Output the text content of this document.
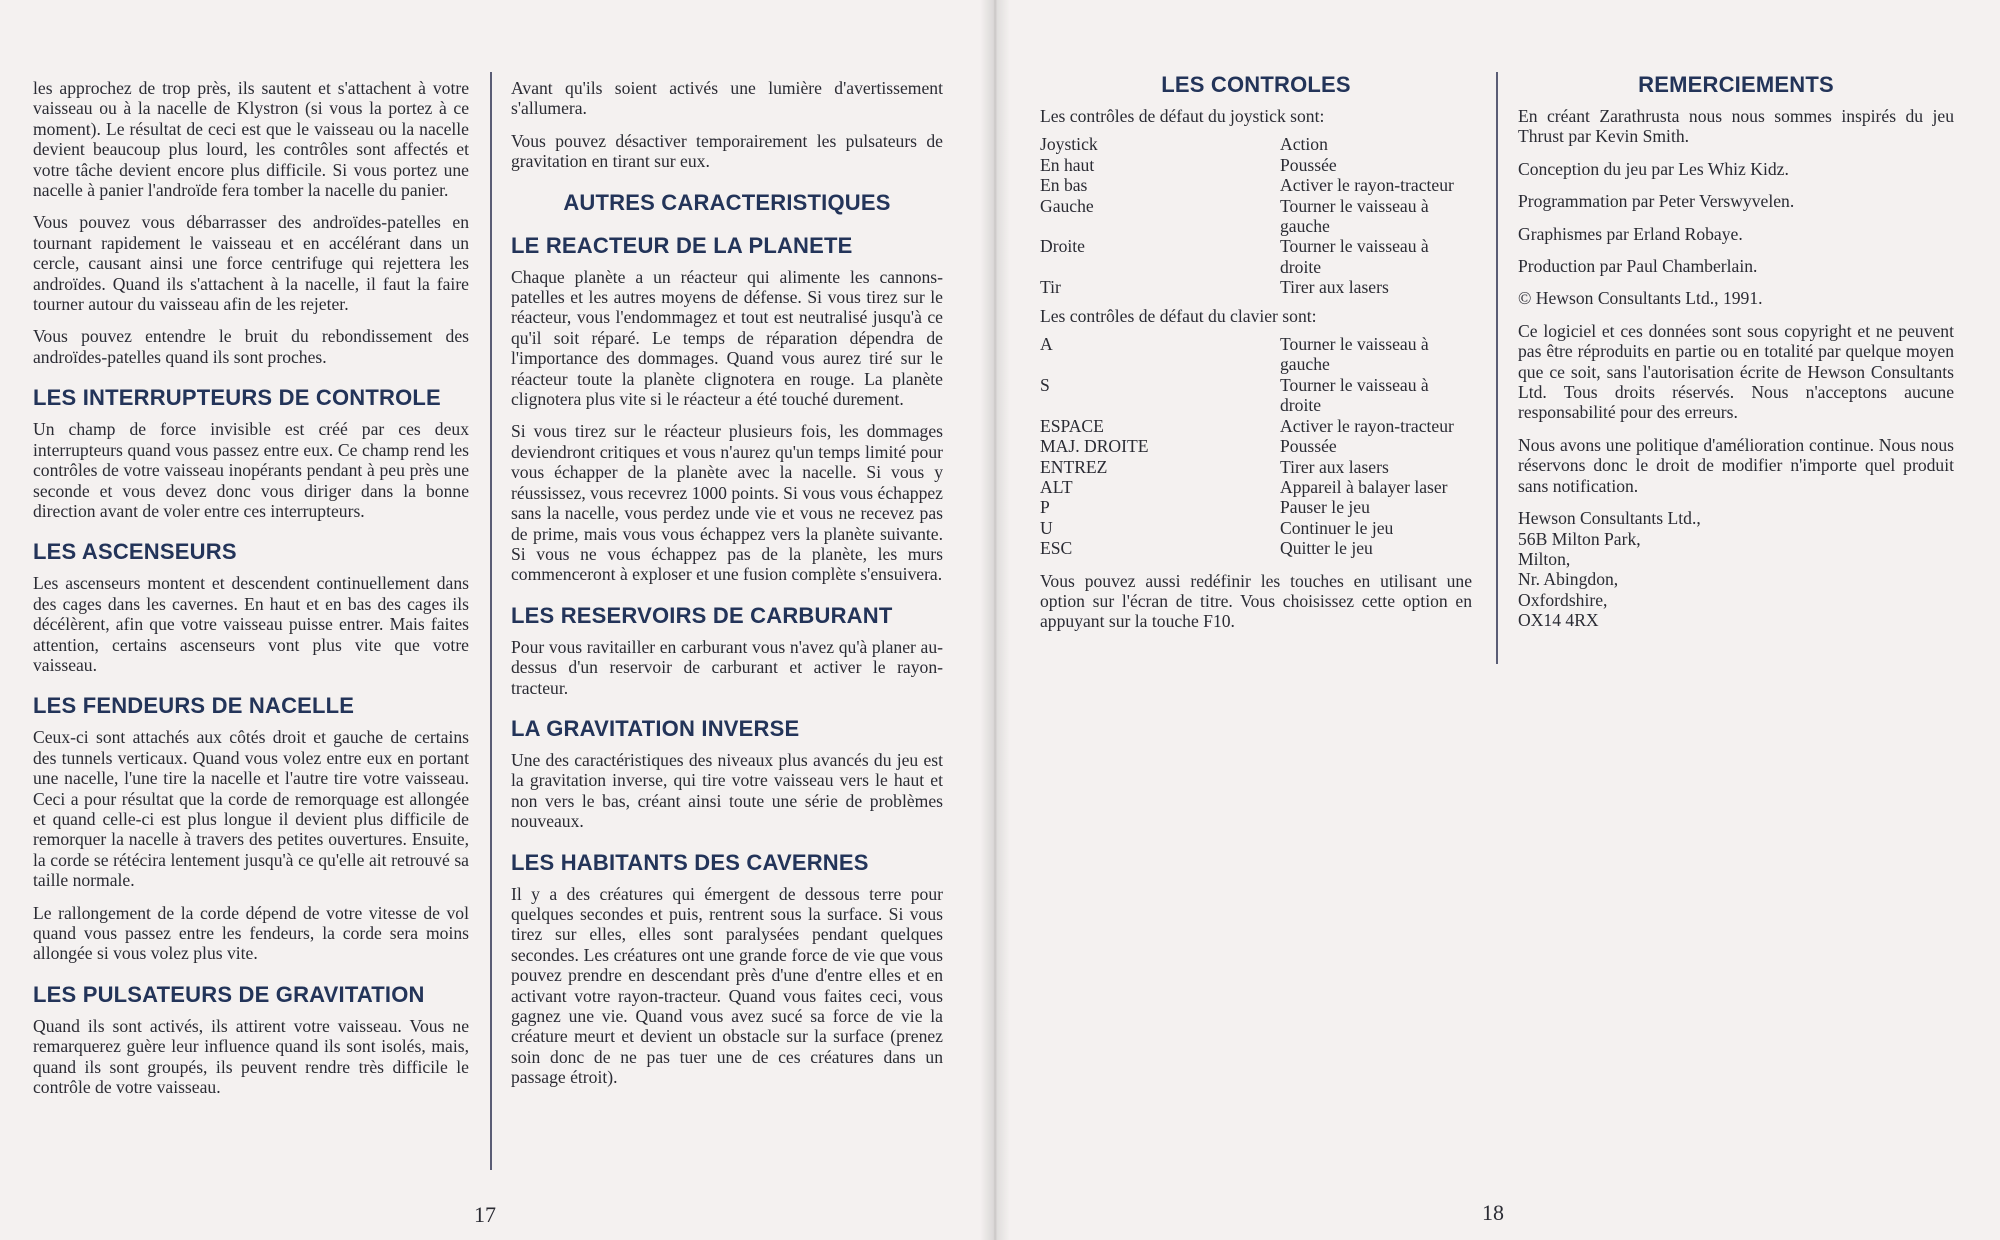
les approchez de trop près, ils sautent et s'attachent à votre vaisseau ou à la nacelle de Klystron (si vous la portez à ce moment). Le résultat de ceci est que le vaisseau ou la nacelle devient beaucoup plus lourd, les contrôles sont affectés et votre tâche devient encore plus difficile. Si vous portez une nacelle à panier l'androïde fera tomber la nacelle du panier.

Vous pouvez vous débarrasser des androïdes-patelles en tournant rapidement le vaisseau et en accélérant dans un cercle, causant ainsi une force centrifuge qui rejettera les androïdes. Quand ils s'attachent à la nacelle, il faut la faire tourner autour du vaisseau afin de les rejeter.

Vous pouvez entendre le bruit du rebondissement des androïdes-patelles quand ils sont proches.

LES INTERRUPTEURS DE CONTROLE

Un champ de force invisible est créé par ces deux interrupteurs quand vous passez entre eux. Ce champ rend les contrôles de votre vaisseau inopérants pendant à peu près une seconde et vous devez donc vous diriger dans la bonne direction avant de voler entre ces interrupteurs.

LES ASCENSEURS

Les ascenseurs montent et descendent continuellement dans des cages dans les cavernes. En haut et en bas des cages ils décélèrent, afin que votre vaisseau puisse entrer. Mais faites attention, certains ascenseurs vont plus vite que votre vaisseau.

LES FENDEURS DE NACELLE

Ceux-ci sont attachés aux côtés droit et gauche de certains des tunnels verticaux. Quand vous volez entre eux en portant une nacelle, l'une tire la nacelle et l'autre tire votre vaisseau. Ceci a pour résultat que la corde de remorquage est allongée et quand celle-ci est plus longue il devient plus difficile de remorquer la nacelle à travers des petites ouvertures. Ensuite, la corde se rétécira lentement jusqu'à ce qu'elle ait retrouvé sa taille normale.

Le rallongement de la corde dépend de votre vitesse de vol quand vous passez entre les fendeurs, la corde sera moins allongée si vous volez plus vite.

LES PULSATEURS DE GRAVITATION

Quand ils sont activés, ils attirent votre vaisseau. Vous ne remarquerez guère leur influence quand ils sont isolés, mais, quand ils sont groupés, ils peuvent rendre très difficile le contrôle de votre vaisseau.

Avant qu'ils soient activés une lumière d'avertissement s'allumera.

Vous pouvez désactiver temporairement les pulsateurs de gravitation en tirant sur eux.

AUTRES CARACTERISTIQUES
LE REACTEUR DE LA PLANETE

Chaque planète a un réacteur qui alimente les cannons-patelles et les autres moyens de défense. Si vous tirez sur le réacteur, vous l'endommagez et tout est neutralisé jusqu'à ce qu'il soit réparé. Le temps de réparation dépendra de l'importance des dommages. Quand vous aurez tiré sur le réacteur toute la planète clignotera en rouge. La planète clignotera plus vite si le réacteur a été touché durement.

Si vous tirez sur le réacteur plusieurs fois, les dommages deviendront critiques et vous n'aurez qu'un temps limité pour vous échapper de la planète avec la nacelle. Si vous y réussissez, vous recevrez 1000 points. Si vous vous échappez sans la nacelle, vous perdez unde vie et vous ne recevez pas de prime, mais vous vous échappez vers la planète suivante. Si vous ne vous échappez pas de la planète, les murs commenceront à exploser et une fusion complète s'ensuivera.

LES RESERVOIRS DE CARBURANT

Pour vous ravitailler en carburant vous n'avez qu'à planer au-dessus d'un reservoir de carburant et activer le rayon-tracteur.

LA GRAVITATION INVERSE

Une des caractéristiques des niveaux plus avancés du jeu est la gravitation inverse, qui tire votre vaisseau vers le haut et non vers le bas, créant ainsi toute une série de problèmes nouveaux.

LES HABITANTS DES CAVERNES

Il y a des créatures qui émergent de dessous terre pour quelques secondes et puis, rentrent sous la surface. Si vous tirez sur elles, elles sont paralysées pendant quelques secondes. Les créatures ont une grande force de vie que vous pouvez prendre en descendant près d'une d'entre elles et en activant votre rayon-tracteur. Quand vous faites ceci, vous gagnez une vie. Quand vous avez sucé sa force de vie la créature meurt et devient un obstacle sur la surface (prenez soin donc de ne pas tuer une de ces créatures dans un passage étroit).

17
LES CONTROLES

Les contrôles de défaut du joystick sont:

Joystick	Action
En haut	Poussée
En bas	Activer le rayon-tracteur
Gauche	Tourner le vaisseau à gauche
Droite	Tourner le vaisseau à droite
Tir	Tirer aux lasers

Les contrôles de défaut du clavier sont:

A	Tourner le vaisseau à gauche
S	Tourner le vaisseau à droite
ESPACE	Activer le rayon-tracteur
MAJ. DROITE	Poussée
ENTREZ	Tirer aux lasers
ALT	Appareil à balayer laser
P	Pauser le jeu
U	Continuer le jeu
ESC	Quitter le jeu

Vous pouvez aussi redéfinir les touches en utilisant une option sur l'écran de titre. Vous choisissez cette option en appuyant sur la touche F10.

REMERCIEMENTS

En créant Zarathrusta nous nous sommes inspirés du jeu Thrust par Kevin Smith.

Conception du jeu par Les Whiz Kidz.

Programmation par Peter Verswyvelen.

Graphismes par Erland Robaye.

Production par Paul Chamberlain.

© Hewson Consultants Ltd., 1991.

Ce logiciel et ces données sont sous copyright et ne peuvent pas être réproduits en partie ou en totalité par quelque moyen que ce soit, sans l'autorisation écrite de Hewson Consultants Ltd. Tous droits réservés. Nous n'acceptons aucune responsabilité pour des erreurs.

Nous avons une politique d'amélioration continue. Nous nous réservons donc le droit de modifier n'importe quel produit sans notification.

Hewson Consultants Ltd.,
56B Milton Park,
Milton,
Nr. Abingdon,
Oxfordshire,
OX14 4RX
18
